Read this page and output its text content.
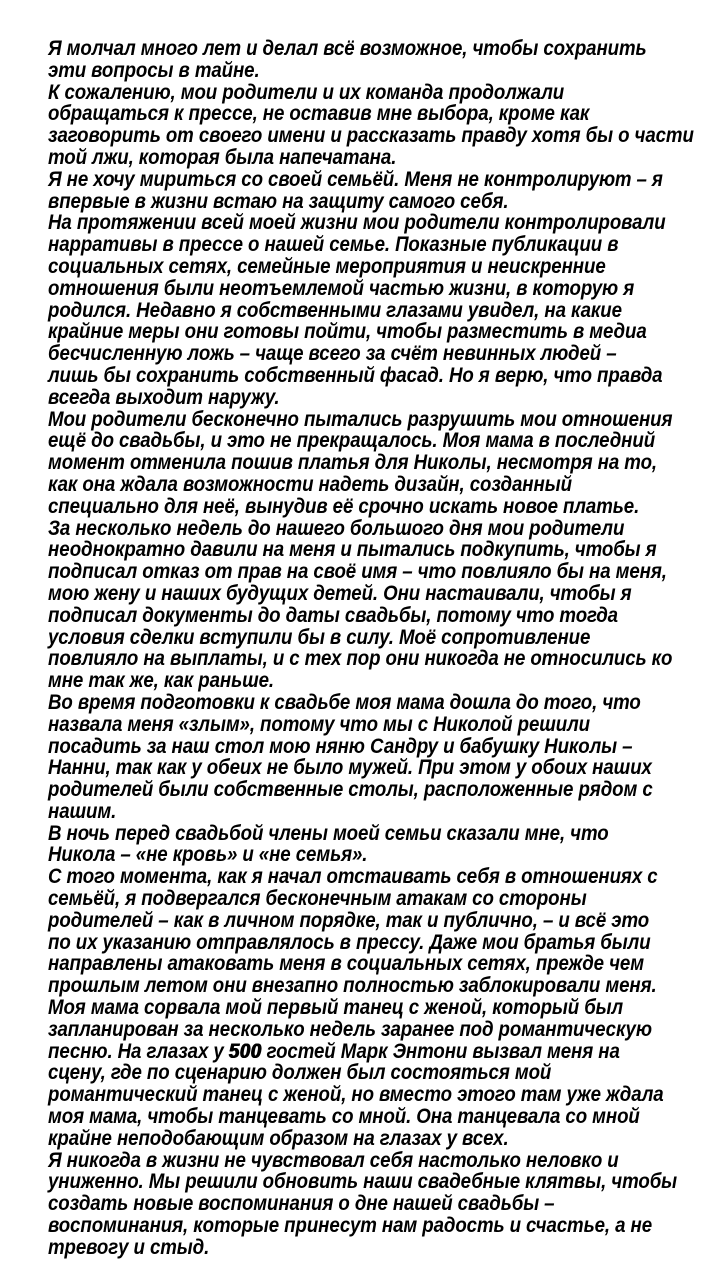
Я молчал много лет и делал всё возможное, чтобы сохранить
эти вопросы в тайне.

К сожалению, мои родители и их команда продолжали
обращаться к прессе, не оставив мне выбора, кроме как
заговорить от своего имени и рассказать правду хотя бы о части
той лжи, которая была напечатана.

Я не хочу мириться со своей семьёй. Меня не контролируют – я
впервые в жизни встаю на защиту самого себя.

На протяжении всей моей жизни мои родители контролировали
нарративы в прессе о нашей семье. Показные публикации в
социальных сетях, семейные мероприятия и неискренние
отношения были неотъемлемой частью жизни, в которую я
родился. Недавно я собственными глазами увидел, на какие
крайние меры они готовы пойти, чтобы разместить в медиа
бесчисленную ложь – чаще всего за счёт невинных людей –
лишь бы сохранить собственный фасад. Но я верю, что правда
всегда выходит наружу.

Мои родители бесконечно пытались разрушить мои отношения
ещё до свадьбы, и это не прекращалось. Моя мама в последний
момент отменила пошив платья для Николы, несмотря на то,
как она ждала возможности надеть дизайн, созданный
специально для неё, вынудив её срочно искать новое платье.
За несколько недель до нашего большого дня мои родители
неоднократно давили на меня и пытались подкупить, чтобы я
подписал отказ от прав на своё имя – что повлияло бы на меня,
мою жену и наших будущих детей. Они настаивали, чтобы я
подписал документы до даты свадьбы, потому что тогда
условия сделки вступили бы в силу. Моё сопротивление
повлияло на выплаты, и с тех пор они никогда не относились ко
мне так же, как раньше.

Во время подготовки к свадьбе моя мама дошла до того, что
назвала меня «злым», потому что мы с Николой решили
посадить за наш стол мою няню Сандру и бабушку Николы –
Нанни, так как у обеих не было мужей. При этом у обоих наших
родителей были собственные столы, расположенные рядом с
нашим.

В ночь перед свадьбой члены моей семьи сказали мне, что
Никола – «не кровь» и «не семья».

С того момента, как я начал отстаивать себя в отношениях с
семьёй, я подвергался бесконечным атакам со стороны
родителей – как в личном порядке, так и публично, – и всё это
по их указанию отправлялось в прессу. Даже мои братья были
направлены атаковать меня в социальных сетях, прежде чем
прошлым летом они внезапно полностью заблокировали меня.

Моя мама сорвала мой первый танец с женой, который был
запланирован за несколько недель заранее под романтическую
песню. На глазах у 500 гостей Марк Энтони вызвал меня на
сцену, где по сценарию должен был состояться мой
романтический танец с женой, но вместо этого там уже ждала
моя мама, чтобы танцевать со мной. Она танцевала со мной
крайне неподобающим образом на глазах у всех.

Я никогда в жизни не чувствовал себя настолько неловко и
униженно. Мы решили обновить наши свадебные клятвы, чтобы
создать новые воспоминания о дне нашей свадьбы –
воспоминания, которые принесут нам радость и счастье, а не
тревогу и стыд.
